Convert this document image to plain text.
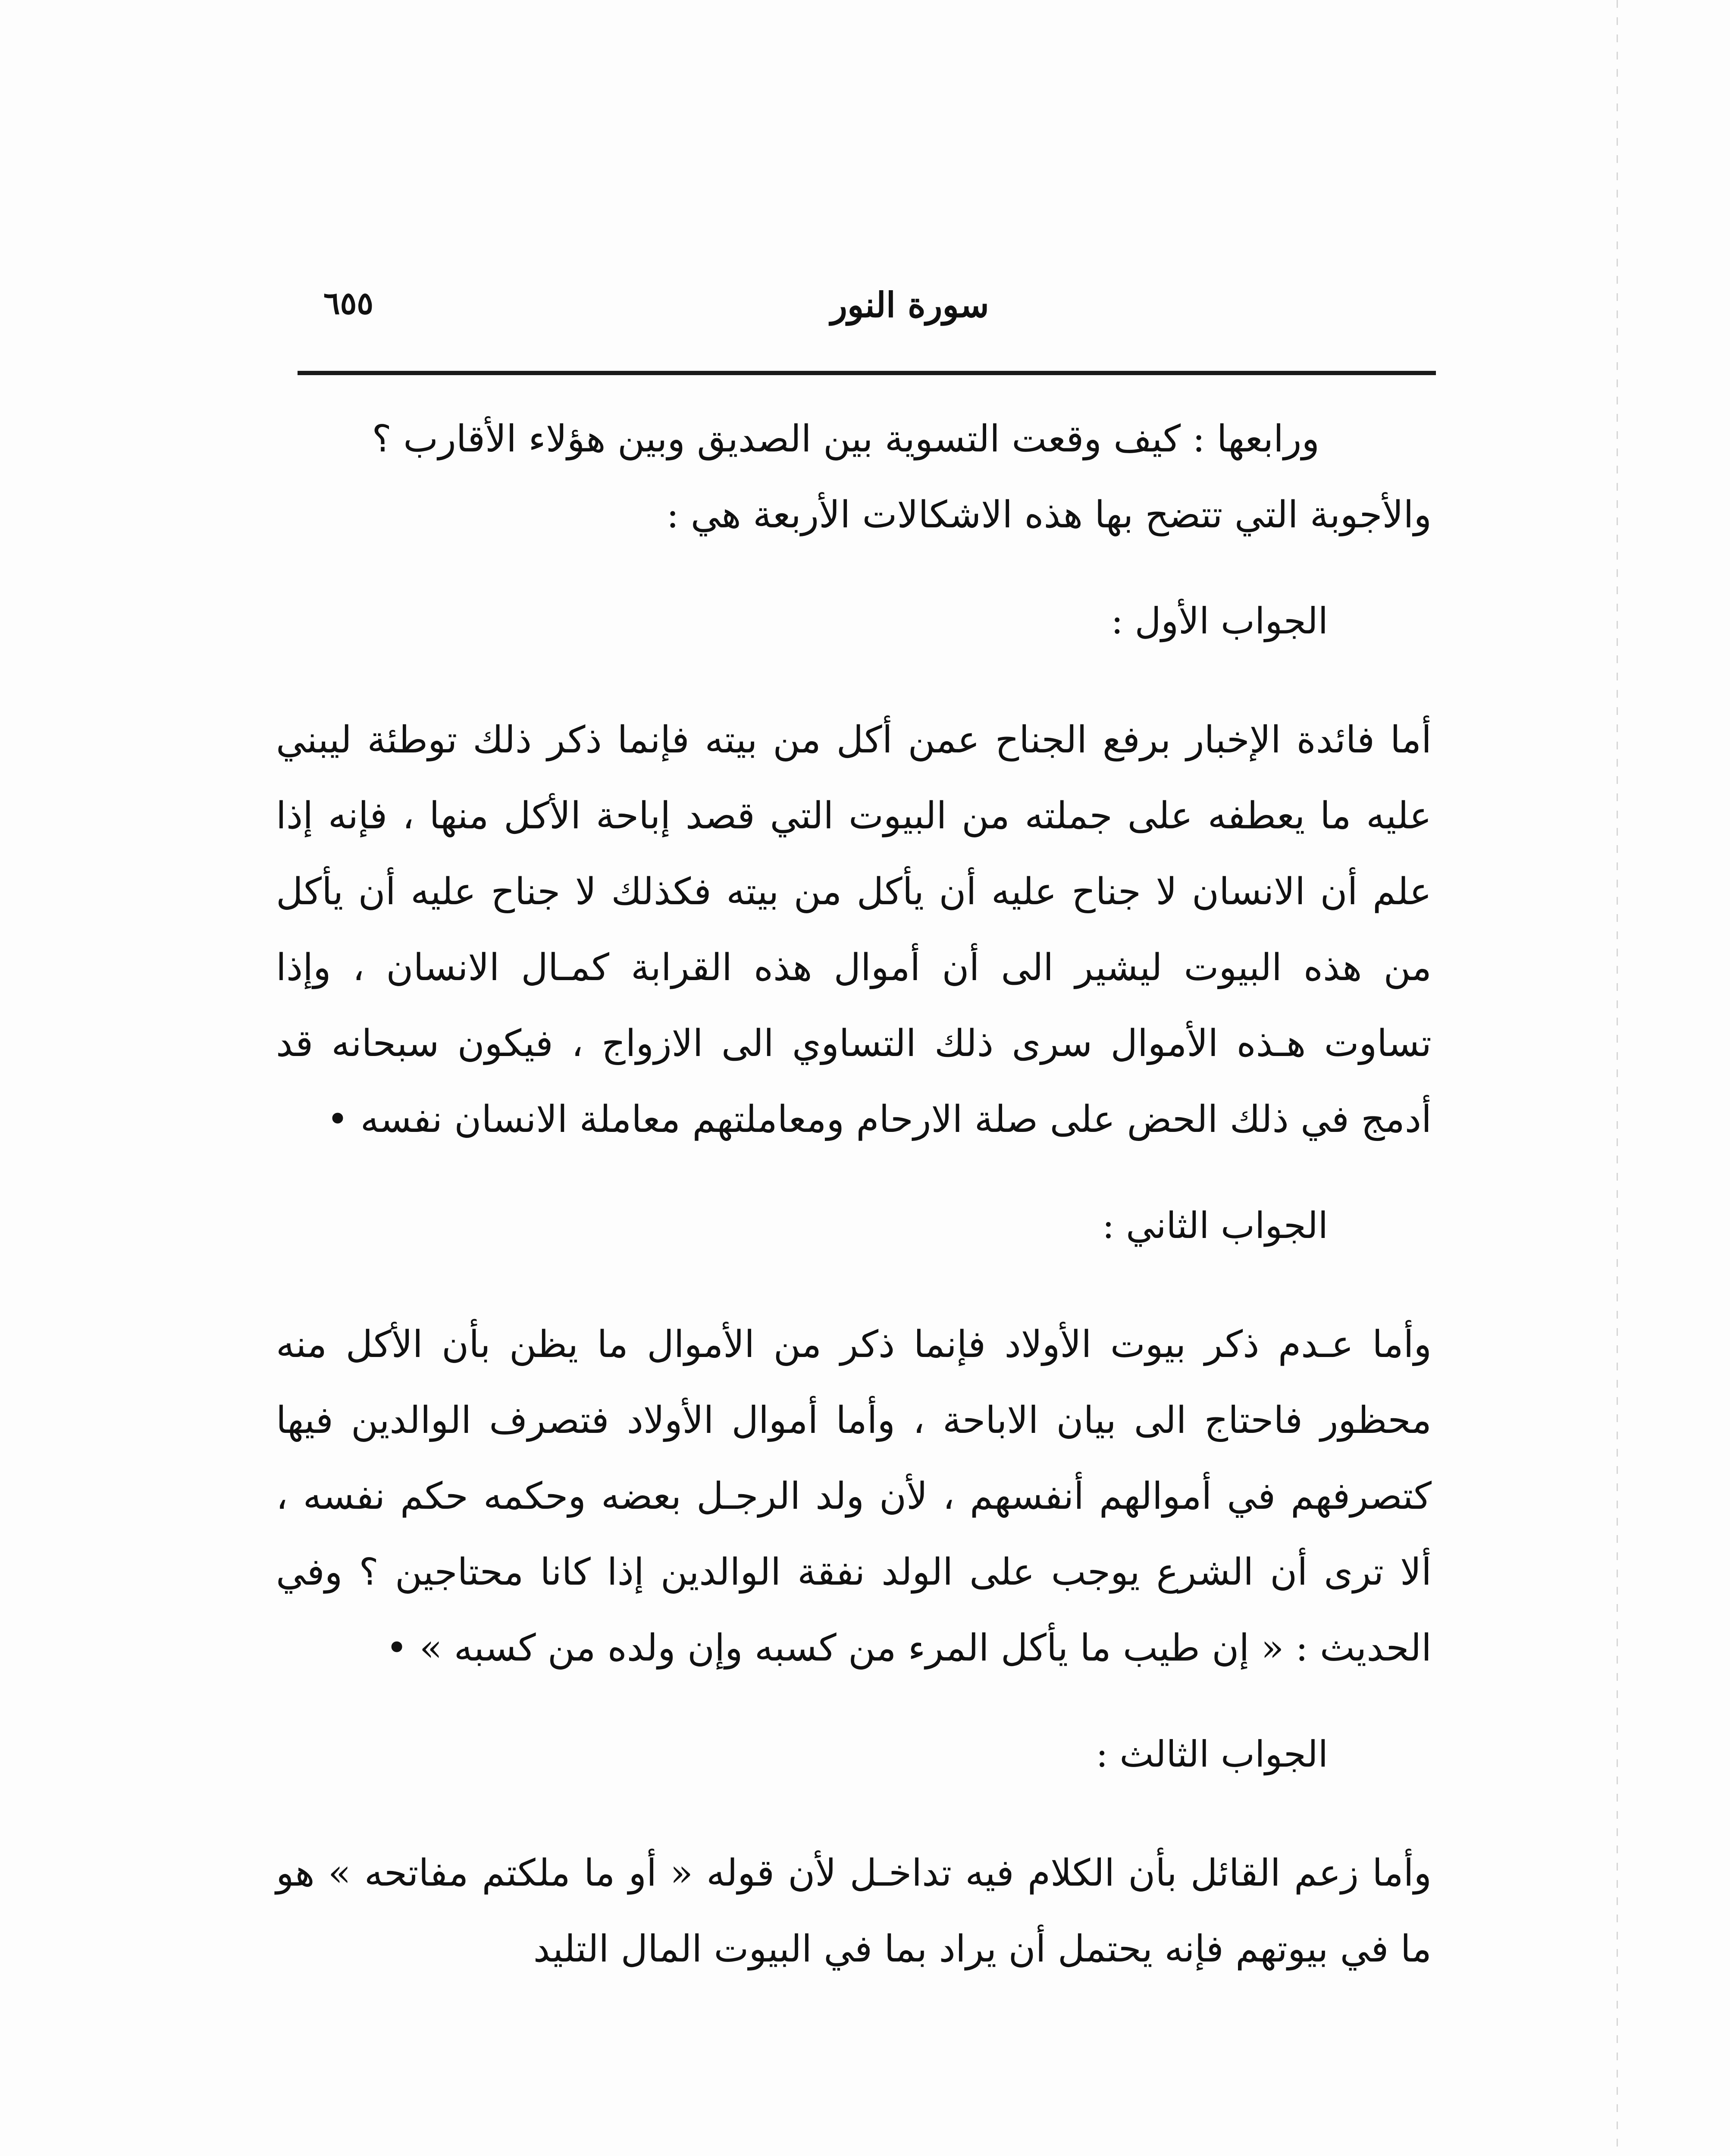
٦٥٥	سورة النور

ورابعها : كيف وقعت التسوية بين الصديق وبين هؤلاء الأقارب ؟

والأجوبة التي تتضح بها هذه الاشكالات الأربعة هي :

الجواب الأول :

أما فائدة الإخبار برفع الجناح عمن أكل من بيته فإنما ذكر ذلك توطئة ليبني عليه ما يعطفه على جملته من البيوت التي قصد إباحة الأكل منها ، فإنه إذا علم أن الانسان لا جناح عليه أن يأكل من بيته فكذلك لا جناح عليه أن يأكل من هذه البيوت ليشير الى أن أموال هذه القرابة كمـال الانسان ، وإذا تساوت هـذه الأموال سرى ذلك التساوي الى الازواج ، فيكون سبحانه قد أدمج في ذلك الحض على صلة الارحام ومعاملتهم معاملة الانسان نفسه •

الجواب الثاني :

وأما عـدم ذكر بيوت الأولاد فإنما ذكر من الأموال ما يظن بأن الأكل منه محظور فاحتاج الى بيان الاباحة ، وأما أموال الأولاد فتصرف الوالدين فيها كتصرفهم في أموالهم أنفسهم ، لأن ولد الرجـل بعضه وحكمه حكم نفسه ، ألا ترى أن الشرع يوجب على الولد نفقة الوالدين إذا كانا محتاجين ؟ وفي الحديث : « إن طيب ما يأكل المرء من كسبه وإن ولده من كسبه » •

الجواب الثالث :

وأما زعم القائل بأن الكلام فيه تداخـل لأن قوله « أو ما ملكتم مفاتحه » هو ما في بيوتهم فإنه يحتمل أن يراد بما في البيوت المال التليد
